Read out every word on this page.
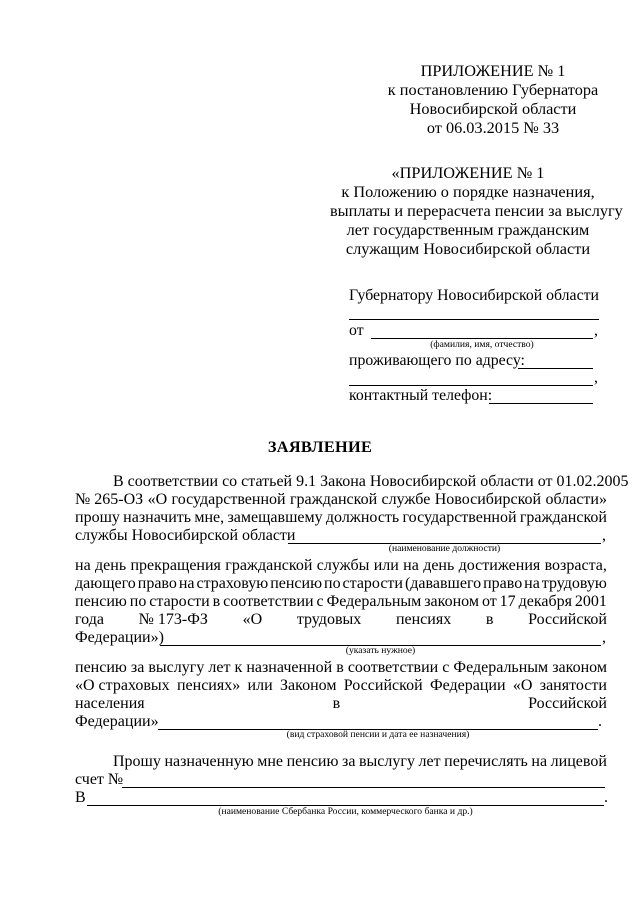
ПРИЛОЖЕНИЕ № 1
к постановлению Губернатора
Новосибирской области
от 06.03.2015 № 33
«ПРИЛОЖЕНИЕ № 1
к Положению о порядке назначения,
выплаты и перерасчета пенсии за выслугу
лет государственным гражданским
служащим Новосибирской области
Губернатору Новосибирской области
от	,
(фамилия, имя, отчество)
проживающего по адресу:
,
контактный телефон:
ЗАЯВЛЕНИЕ
В соответствии со статьей 9.1 Закона Новосибирской области от 01.02.2005
№ 265-ОЗ «О государственной гражданской службе Новосибирской области»
прошу назначить мне, замещавшему должность государственной гражданской
службы Новосибирской области	,
(наименование должности)
на день прекращения гражданской службы или на день достижения возраста,
дающего право на страховую пенсию по старости (дававшего право на трудовую
пенсию по старости в соответствии с Федеральным законом от 17 декабря 2001
года № 173-ФЗ «О трудовых пенсиях в Российской
Федерации»)	,
(указать нужное)
пенсию за выслугу лет к назначенной в соответствии с Федеральным законом
«О страховых пенсиях» или Законом Российской Федерации «О занятости
населения	в	Российской
Федерации»	.
(вид страховой пенсии и дата ее назначения)
Прошу назначенную мне пенсию за выслугу лет перечислять на лицевой
счет №
В	.
(наименование Сбербанка России, коммерческого банка и др.)
